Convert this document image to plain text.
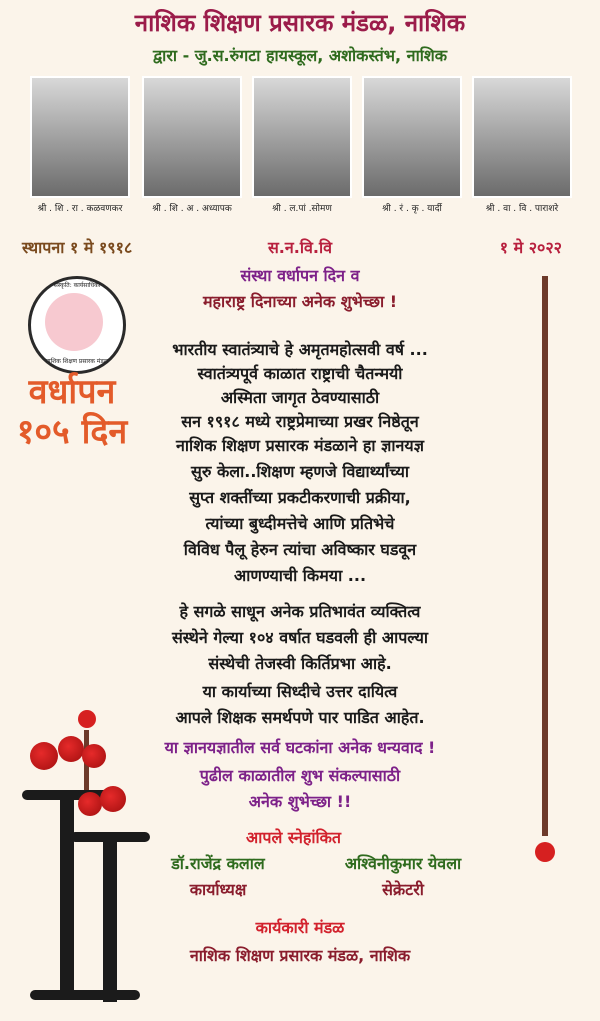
नाशिक शिक्षण प्रसारक मंडळ, नाशिक
द्वारा - जु.स.रुंगटा हायस्कूल, अशोकस्तंभ, नाशिक
श्री . शि . रा . कळवणकर	श्री . शि . अ . अध्यापक	श्री . ल.पां .सोमण	श्री . रं . कृ . यार्दी	श्री . वा . वि . पाराशरे
स्थापना १ मे १९१८	स.न.वि.वि	१ मे २०२२
संस्था वर्धापन दिन व
महाराष्ट्र दिनाच्या अनेक शुभेच्छा !
संस्कृति: कार्यसाधिका
नाशिक शिक्षण प्रसारक मंडळ
वर्धापन
१०५ दिन
भारतीय स्वातंत्र्याचे हे अमृतमहोत्सवी वर्ष ...
स्वातंत्र्यपूर्व काळात राष्ट्राची चैतन्मयी
अस्मिता जागृत ठेवण्यासाठी
सन १९१८ मध्ये राष्ट्रप्रेमाच्या प्रखर निष्ठेतून
नाशिक शिक्षण प्रसारक मंडळाने हा ज्ञानयज्ञ
सुरु केला..शिक्षण म्हणजे विद्यार्थ्यांच्या
सुप्त शक्तींच्या प्रकटीकरणाची प्रक्रीया,
त्यांच्या बुध्दीमत्तेचे आणि प्रतिभेचे
विविध पैलू हेरुन त्यांचा अविष्कार घडवून
आणण्याची किमया ...
हे सगळे साधून अनेक प्रतिभावंत व्यक्तित्व
संस्थेने गेल्या १०४ वर्षात घडवली ही आपल्या
संस्थेची तेजस्वी किर्तिप्रभा आहे.
या कार्याच्या सिध्दीचे उत्तर दायित्व
आपले शिक्षक समर्थपणे पार पाडित आहेत.
या ज्ञानयज्ञातील सर्व घटकांना अनेक धन्यवाद !
पुढील काळातील शुभ संकल्पासाठी
अनेक शुभेच्छा !!
आपले स्नेहांकित
डॉ.राजेंद्र कलाल
कार्याध्यक्ष
अश्विनीकुमार येवला
सेक्रेटरी
कार्यकारी मंडळ
नाशिक शिक्षण प्रसारक मंडळ, नाशिक
